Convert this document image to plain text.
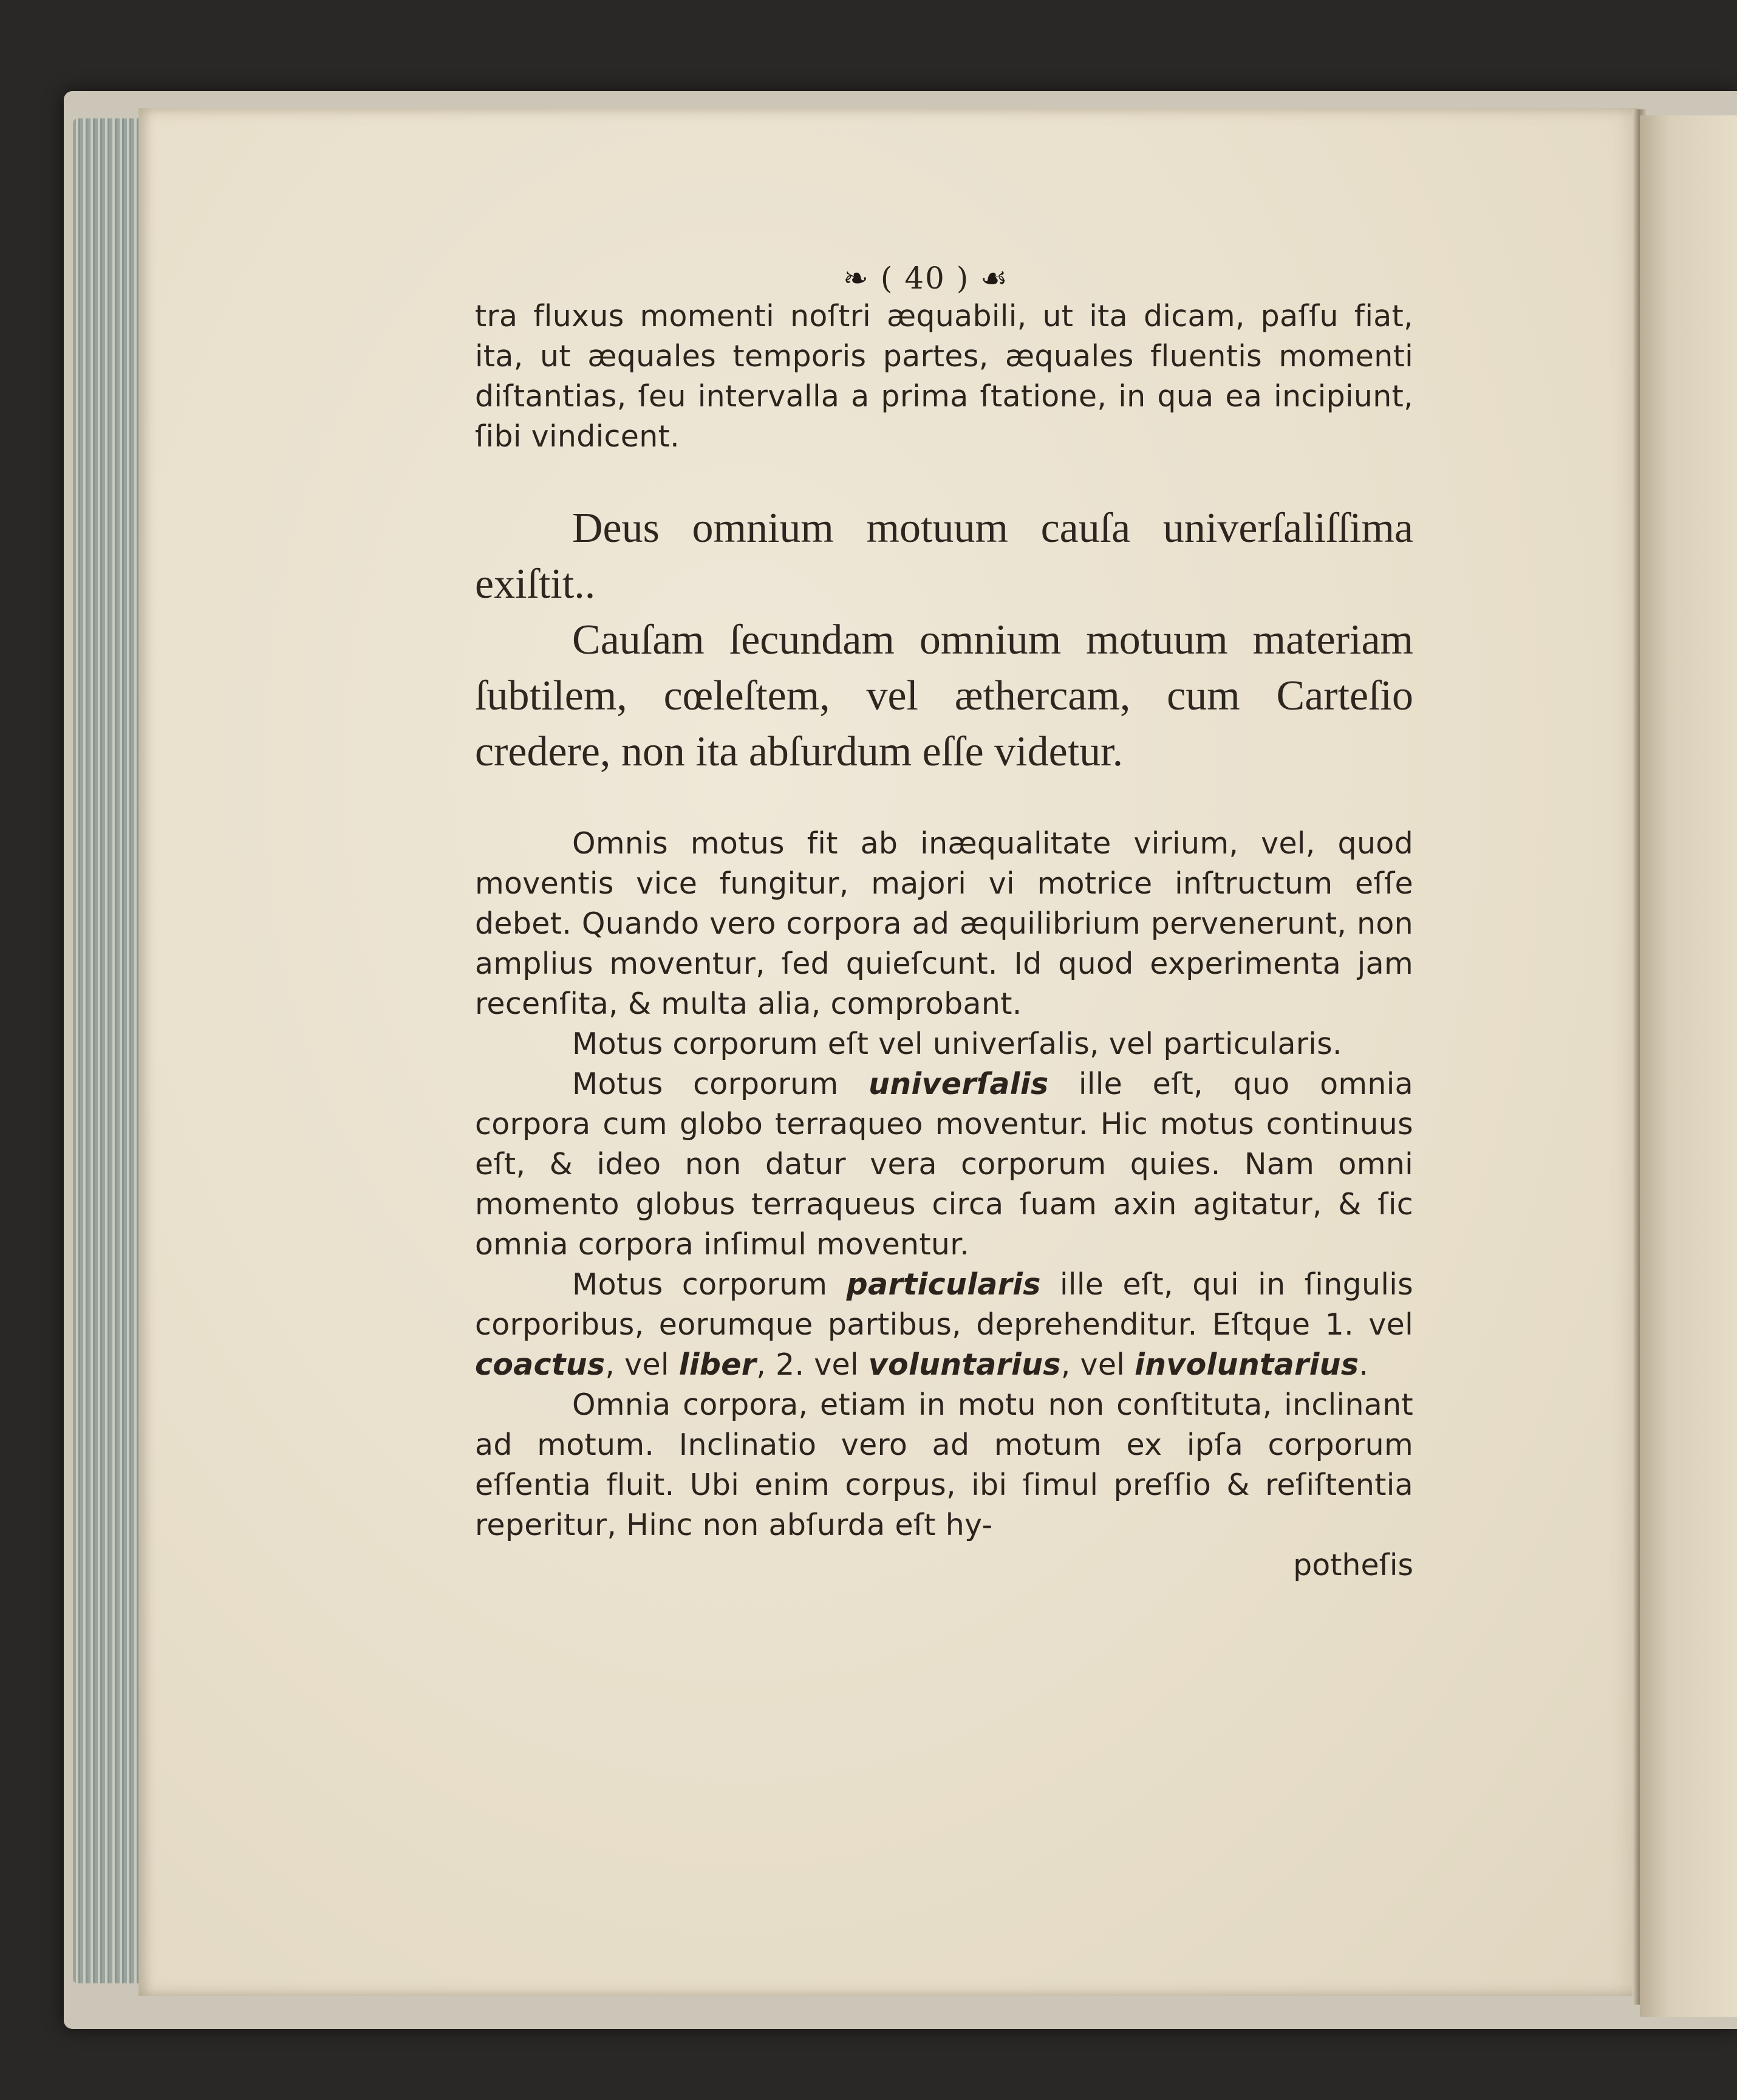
❧ ( 40 ) ☙

tra fluxus momenti noſtri æquabili, ut ita dicam, paſſu fiat, ita, ut æquales temporis partes, æquales fluentis momenti diſtantias, ſeu intervalla a prima ſtatione, in qua ea incipiunt, ſibi vindicent.

Deus omnium motuum cauſa univerſaliſſima exiſtit..

Cauſam ſecundam omnium motuum materiam ſubtilem, cœleſtem, vel æthercam, cum Carteſio credere, non ita abſurdum eſſe videtur.

Omnis motus fit ab inæqualitate virium, vel, quod moventis vice fungitur, majori vi motrice inſtructum eſſe debet. Quando vero corpora ad æquilibrium pervenerunt, non amplius moventur, ſed quieſcunt. Id quod experimenta jam recenſita, & multa alia, comprobant.

Motus corporum eſt vel univerſalis, vel particularis.

Motus corporum univerſalis ille eſt, quo omnia corpora cum globo terraqueo moventur. Hic motus continuus eſt, & ideo non datur vera corporum quies. Nam omni momento globus terraqueus circa ſuam axin agitatur, & ſic omnia corpora inſimul moventur.

Motus corporum particularis ille eſt, qui in ſingulis corporibus, eorumque partibus, deprehenditur. Eſtque 1. vel coactus, vel liber, 2. vel voluntarius, vel involuntarius.

Omnia corpora, etiam in motu non conſtituta, inclinant ad motum. Inclinatio vero ad motum ex ipſa corporum eſſentia fluit. Ubi enim corpus, ibi ſimul preſſio & reſiſtentia reperitur, Hinc non abſurda eſt hy-

potheſis
